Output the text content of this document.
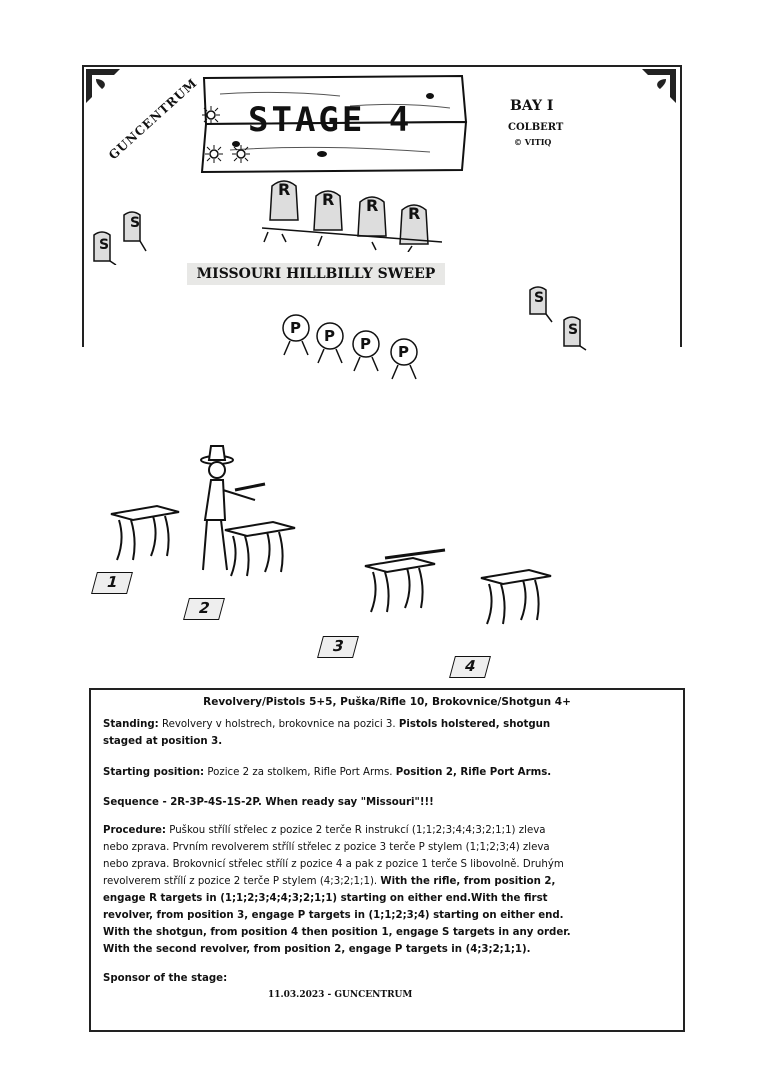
GUNCENTRUM STAGE 4	BAY I
COLBERT
© VITIQ
R
R R R
S
S
MISSOURI HILLBILLY SWEEP
S
S
P P P P
1
2
3
4
Revolvery/Pistols 5+5, Puška/Rifle 10, Brokovnice/Shotgun 4+
Standing: Revolvery v holstrech, brokovnice na pozici 3. Pistols holstered, shotgun staged at position 3.
Starting position: Pozice 2 za stolkem, Rifle Port Arms. Position 2, Rifle Port Arms.
Sequence - 2R-3P-4S-1S-2P. When ready say "Missouri"!!!
Procedure: Puškou střílí střelec z pozice 2 terče R instrukcí (1;1;2;3;4;4;3;2;1;1) zleva nebo zprava. Prvním revolverem střílí střelec z pozice 3 terče P stylem (1;1;2;3;4) zleva nebo zprava. Brokovnicí střelec střílí z pozice 4 a pak z pozice 1 terče S libovolně. Druhým revolverem střílí z pozice 2 terče P stylem (4;3;2;1;1). With the rifle, from position 2, engage R targets in (1;1;2;3;4;4;3;2;1;1) starting on either end.With the first revolver, from position 3, engage P targets in (1;1;2;3;4) starting on either end. With the shotgun, from position 4 then position 1, engage S targets in any order. With the second revolver, from position 2, engage P targets in (4;3;2;1;1).
Sponsor of the stage:
11.03.2023 - GUNCENTRUM
